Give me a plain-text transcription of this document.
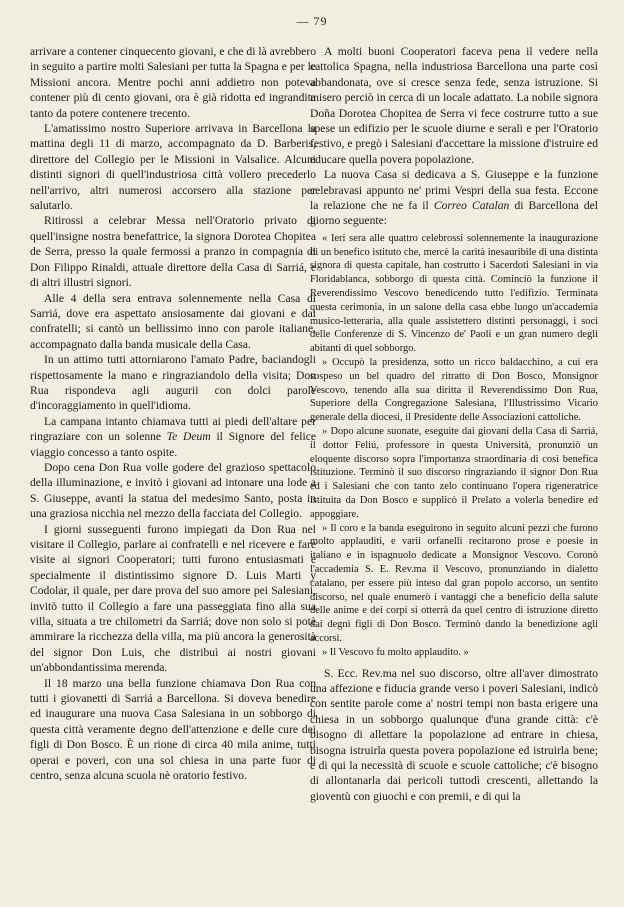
— 79

arrivare a contener cinquecento giovani, e che di là avrebbero in seguito a partire molti Salesiani per tutta la Spagna e per le Missioni ancora. Mentre pochi anni addietro non poteva contener più di cento giovani, ora è già ridotta ed ingrandita tanto da potere contenere trecento.

L'amatissimo nostro Superiore arrivava in Barcellona la mattina degli 11 di marzo, accompagnato da D. Barberis, direttore del Collegio per le Missioni in Valsalice. Alcuni distinti signori di quell'industriosa città vollero precederlo nell'arrivo, altri numerosi accorsero alla stazione per salutarlo.

Ritirossi a celebrar Messa nell'Oratorio privato di quell'insigne nostra benefattrice, la signora Dorotea Chopitea de Serra, presso la quale fermossi a pranzo in compagnia di Don Filippo Rinaldi, attuale direttore della Casa di Sarriá, e di altri illustri signori.

Alle 4 della sera entrava solennemente nella Casa di Sarriá, dove era aspettato ansiosamente dai giovani e dai confratelli; si cantò un bellissimo inno con parole italiane, accompagnato dalla banda musicale della Casa.

In un attimo tutti attorniarono l'amato Padre, baciandogli rispettosamente la mano e ringraziandolo della visita; Don Rua rispondeva agli augurii con dolci parole d'incoraggiamento in quell'idioma.

La campana intanto chiamava tutti ai piedi dell'altare per ringraziare con un solenne Te Deum il Signore del felice viaggio concesso a tanto ospite.

Dopo cena Don Rua volle godere del grazioso spettacolo della illuminazione, e invitò i giovani ad intonare una lode a S. Giuseppe, avanti la statua del medesimo Santo, posta in una graziosa nicchia nel mezzo della facciata del Collegio.

I giorni susseguenti furono impiegati da Don Rua nel visitare il Collegio, parlare ai confratelli e nel ricevere e fare visite ai signori Cooperatori; tutti furono entusiasmati e specialmente il distintissimo signore D. Luis Marti y Codolar, il quale, per dare prova del suo amore pei Salesiani, invitò tutto il Collegio a fare una passeggiata fino alla sua villa, situata a tre chilometri da Sarriá; dove non solo si potè ammirare la ricchezza della villa, ma più ancora la generosità del signor Don Luis, che distribuì ai nostri giovani un'abbondantissima merenda.

Il 18 marzo una bella funzione chiamava Don Rua con tutti i giovanetti di Sarriá a Barcellona. Si doveva benedire ed inaugurare una nuova Casa Salesiana in un sobborgo di questa città veramente degno dell'attenzione e delle cure dei figli di Don Bosco. È un rione di circa 40 mila anime, tutti operai e poveri, con una sol chiesa in una parte fuor di centro, senza alcuna scuola nè oratorio festivo.

A molti buoni Cooperatori faceva pena il vedere nella cattolica Spagna, nella industriosa Barcellona una parte così abbandonata, ove si cresce senza fede, senza istruzione. Si misero perciò in cerca di un locale adattato. La nobile signora Doña Dorotea Chopitea de Serra vi fece costrurre tutto a sue spese un edifizio per le scuole diurne e serali e per l'Oratorio festivo, e pregò i Salesiani d'accettare la missione d'istruire ed educare quella povera popolazione.

La nuova Casa si dedicava a S. Giuseppe e la funzione celebravasi appunto ne' primi Vespri della sua festa. Eccone la relazione che ne fa il Correo Catalan di Barcellona del giorno seguente:

« Ieri sera alle quattro celebrossi solennemente la inaugurazione di un benefico istituto che, mercè la carità inesauribile di una distinta signora di questa capitale, han costrutto i Sacerdoti Salesiani in via Floridablanca, sobborgo di questa città. Cominciò la funzione il Reverendissimo Vescovo benedicendo tutto l'edifizio. Terminata questa cerimonia, in un salone della casa ebbe luogo un'accademia musico-letteraria, alla quale assistettero distinti personaggi, i soci delle Conferenze di S. Vincenzo de' Paoli e un gran numero degli abitanti di quel sobborgo.

» Occupò la presidenza, sotto un ricco baldacchino, a cui era sospeso un bel quadro del ritratto di Don Bosco, Monsignor Vescovo, tenendo alla sua diritta il Reverendissimo Don Rua, Superiore della Congregazione Salesiana, l'Illustrissimo Vicario generale della diocesi, il Presidente delle Associazioni cattoliche.

» Dopo alcune suonate, eseguite dai giovani della Casa di Sarriá, il dottor Feliú, professore in questa Università, pronunziò un eloquente discorso sopra l'importanza straordinaria di così benefica istituzione. Terminò il suo discorso ringraziando il signor Don Rua ed i Salesiani che con tanto zelo continuano l'opera rigeneratrice istituita da Don Bosco e supplicò il Prelato a volerla benedire ed appoggiare.

» Il coro e la banda eseguirono in seguito alcuni pezzi che furono molto applauditi, e varii orfanelli recitarono prose e poesie in italiano e in ispagnuolo dedicate a Monsignor Vescovo. Coronò l'accademia S. E. Rev.ma il Vescovo, pronunziando in dialetto catalano, per essere più inteso dal gran popolo accorso, un sentito discorso, nel quale enumerò i vantaggi che a beneficio della salute delle anime e dei corpi si otterrà da quel centro di istruzione diretto dai degni figli di Don Bosco. Terminò dando la benedizione agli accorsi.

» Il Vescovo fu molto applaudito. »

S. Ecc. Rev.ma nel suo discorso, oltre all'aver dimostrato una affezione e fiducia grande verso i poveri Salesiani, indicò con sentite parole come a' nostri tempi non basta erigere una chiesa in un sobborgo qualunque d'una grande città: c'è bisogno di allettare la popolazione ad entrare in chiesa, bisogna istruirla questa povera popolazione ed istruirla bene; e di qui la necessità di scuole e scuole cattoliche; c'è bisogno di allontanarla dai pericoli tuttodì crescenti, allettando la gioventù con giuochi e con premii, e di qui la
